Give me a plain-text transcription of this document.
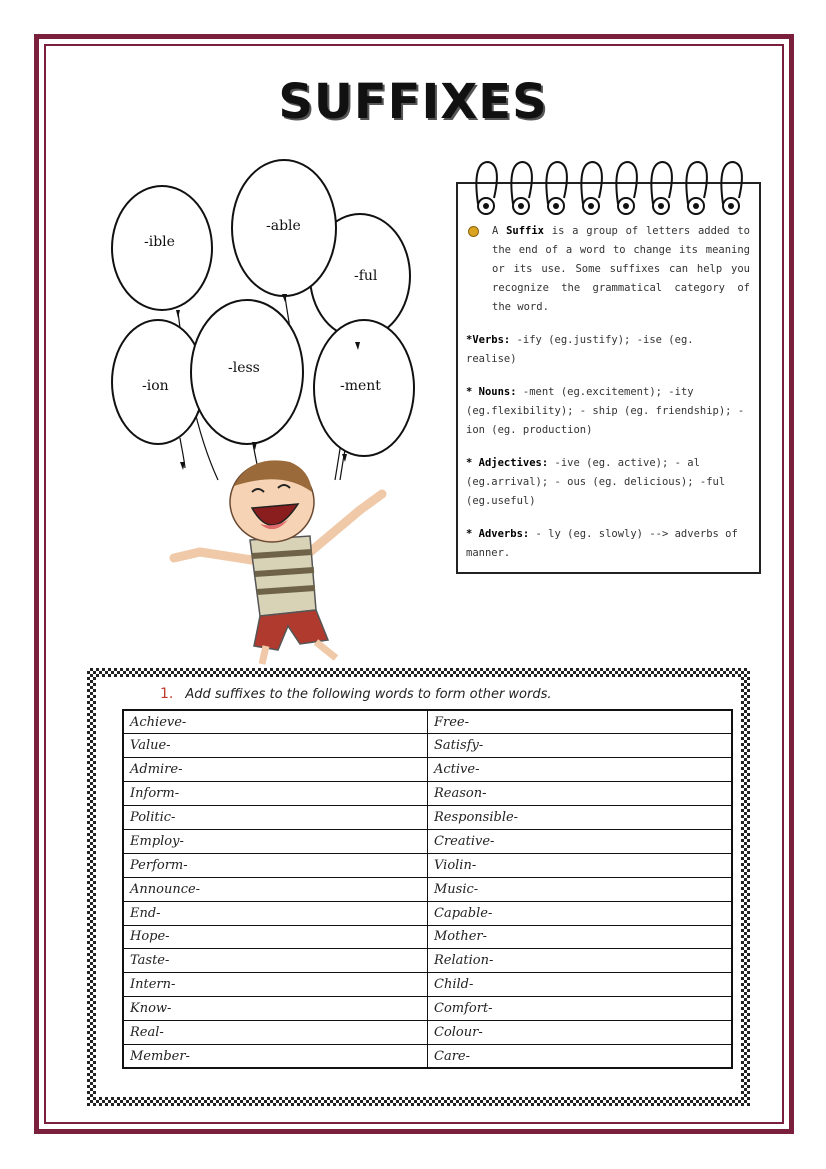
SUFFIXES
-ible
-able
-ful
-ion
-less
-ment

A Suffix is a group of letters added to the end of a word to change its meaning or its use. Some suffixes can help you recognize the grammatical category of the word.

*Verbs: -ify (eg.justify); -ise (eg. realise)

* Nouns: -ment (eg.excitement); -ity (eg.flexibility); - ship (eg. friendship); -ion (eg. production)

* Adjectives: -ive (eg. active); - al (eg.arrival); - ous (eg. delicious); -ful (eg.useful)

* Adverbs: - ly (eg. slowly) --> adverbs of manner.

1. Add suffixes to the following words to form other words.
Achieve-	Free-
Value-	Satisfy-
Admire-	Active-
Inform-	Reason-
Politic-	Responsible-
Employ-	Creative-
Perform-	Violin-
Announce-	Music-
End-	Capable-
Hope-	Mother-
Taste-	Relation-
Intern-	Child-
Know-	Comfort-
Real-	Colour-
Member-	Care-
